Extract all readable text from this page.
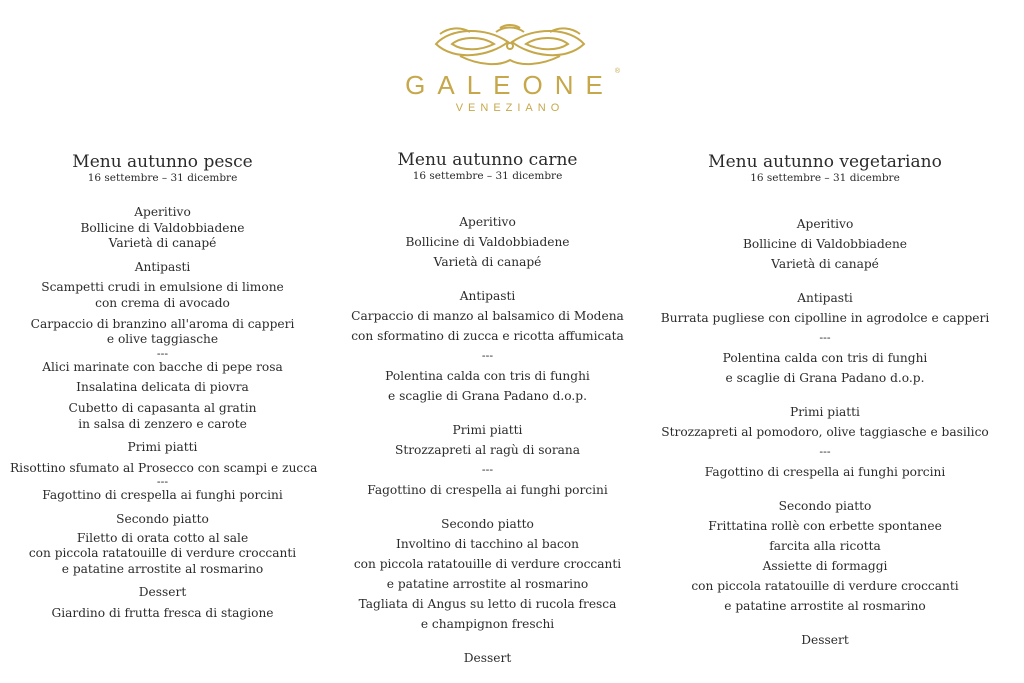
GALEONE ®
VENEZIANO
Menu autunno pesce
16 settembre – 31 dicembre
Aperitivo
Bollicine di Valdobbiadene
Varietà di canapé
Antipasti
Scampetti crudi in emulsione di limone
con crema di avocado
Carpaccio di branzino all'aroma di capperi
e olive taggiasche
---
Alici marinate con bacche di pepe rosa
Insalatina delicata di piovra
Cubetto di capasanta al gratin
in salsa di zenzero e carote
Primi piatti
Risottino sfumato al Prosecco con scampi e zucca
---
Fagottino di crespella ai funghi porcini
Secondo piatto
Filetto di orata cotto al sale
con piccola ratatouille di verdure croccanti
e patatine arrostite al rosmarino
Dessert
Giardino di frutta fresca di stagione
Menu autunno carne
16 settembre – 31 dicembre
Aperitivo
Bollicine di Valdobbiadene
Varietà di canapé
Antipasti
Carpaccio di manzo al balsamico di Modena
con sformatino di zucca e ricotta affumicata
---
Polentina calda con tris di funghi
e scaglie di Grana Padano d.o.p.
Primi piatti
Strozzapreti al ragù di sorana
---
Fagottino di crespella ai funghi porcini
Secondo piatto
Involtino di tacchino al bacon
con piccola ratatouille di verdure croccanti
e patatine arrostite al rosmarino
Tagliata di Angus su letto di rucola fresca
e champignon freschi
Dessert
Menu autunno vegetariano
16 settembre – 31 dicembre
Aperitivo
Bollicine di Valdobbiadene
Varietà di canapé
Antipasti
Burrata pugliese con cipolline in agrodolce e capperi
---
Polentina calda con tris di funghi
e scaglie di Grana Padano d.o.p.
Primi piatti
Strozzapreti al pomodoro, olive taggiasche e basilico
---
Fagottino di crespella ai funghi porcini
Secondo piatto
Frittatina rollè con erbette spontanee
farcita alla ricotta
Assiette di formaggi
con piccola ratatouille di verdure croccanti
e patatine arrostite al rosmarino
Dessert
